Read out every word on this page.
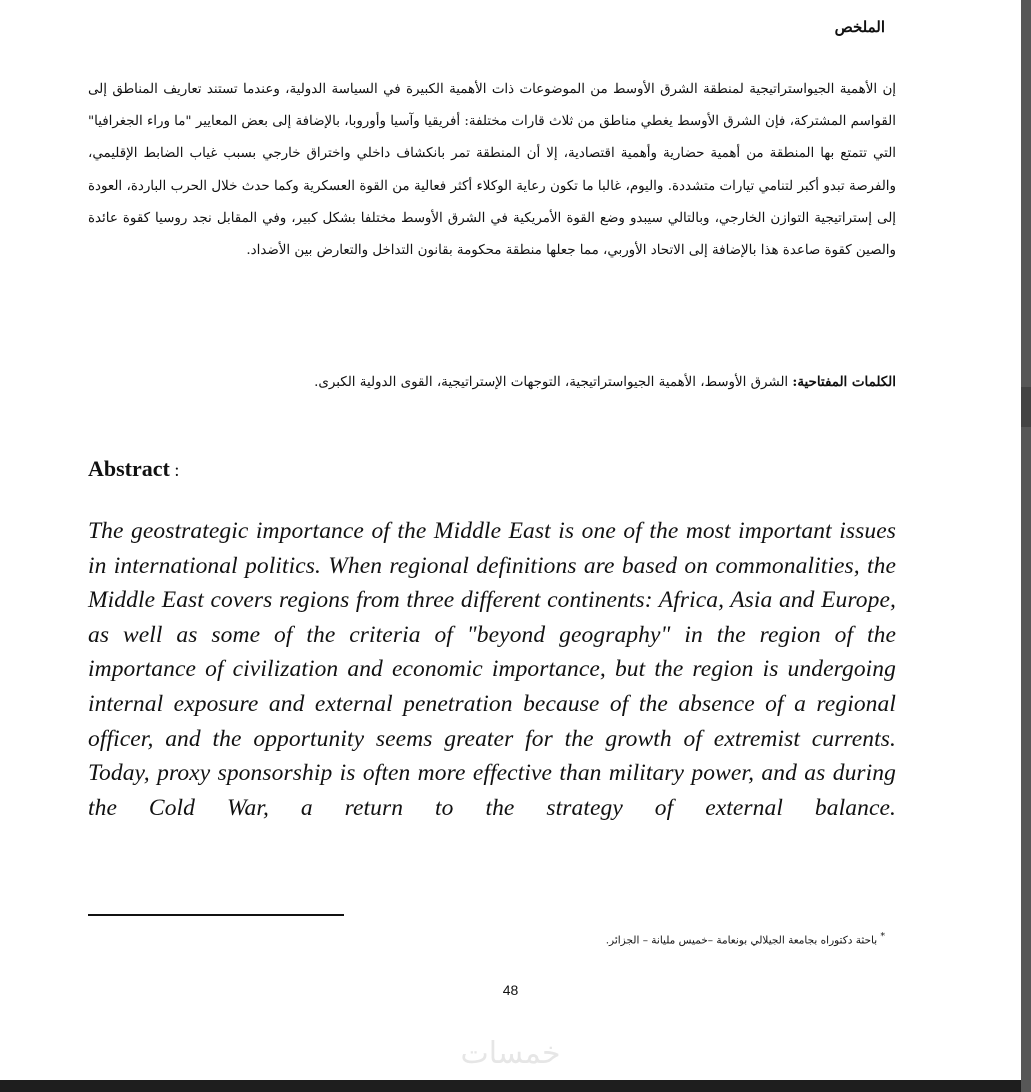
الملخص

إن الأهمية الجيواستراتيجية لمنطقة الشرق الأوسط من الموضوعات ذات الأهمية الكبيرة في السياسة الدولية، وعندما تستند تعاريف المناطق إلى القواسم المشتركة، فإن الشرق الأوسط يغطي مناطق من ثلاث قارات مختلفة: أفريقيا وآسيا وأوروبا، بالإضافة إلى بعض المعايير "ما وراء الجغرافيا" التي تتمتع بها المنطقة من أهمية حضارية وأهمية اقتصادية، إلا أن المنطقة تمر بانكشاف داخلي واختراق خارجي بسبب غياب الضابط الإقليمي، والفرصة تبدو أكبر لتنامي تيارات متشددة. واليوم، غالبا ما تكون رعاية الوكلاء أكثر فعالية من القوة العسكرية وكما حدث خلال الحرب الباردة، العودة إلى إستراتيجية التوازن الخارجي، وبالتالي سيبدو وضع القوة الأمريكية في الشرق الأوسط مختلفا بشكل كبير، وفي المقابل نجد روسيا كقوة عائدة والصين كقوة صاعدة هذا بالإضافة إلى الاتحاد الأوربي، مما جعلها منطقة محكومة بقانون التداخل والتعارض بين الأضداد.

الكلمات المفتاحية: الشرق الأوسط، الأهمية الجيواستراتيجية، التوجهات الإستراتيجية، القوى الدولية الكبرى.

Abstract :

The geostrategic importance of the Middle East is one of the most important issues in international politics. When regional definitions are based on commonalities, the Middle East covers regions from three different continents: Africa, Asia and Europe, as well as some of the criteria of "beyond geography" in the region of the importance of civilization and economic importance, but the region is undergoing internal exposure and external penetration because of the absence of a regional officer, and the opportunity seems greater for the growth of extremist currents. Today, proxy sponsorship is often more effective than military power, and as during the Cold War, a return to the strategy of external balance.

* باحثة دكتوراه بجامعة الجيلالي بونعامة –خميس مليانة – الجزائر.

48
خمسات
